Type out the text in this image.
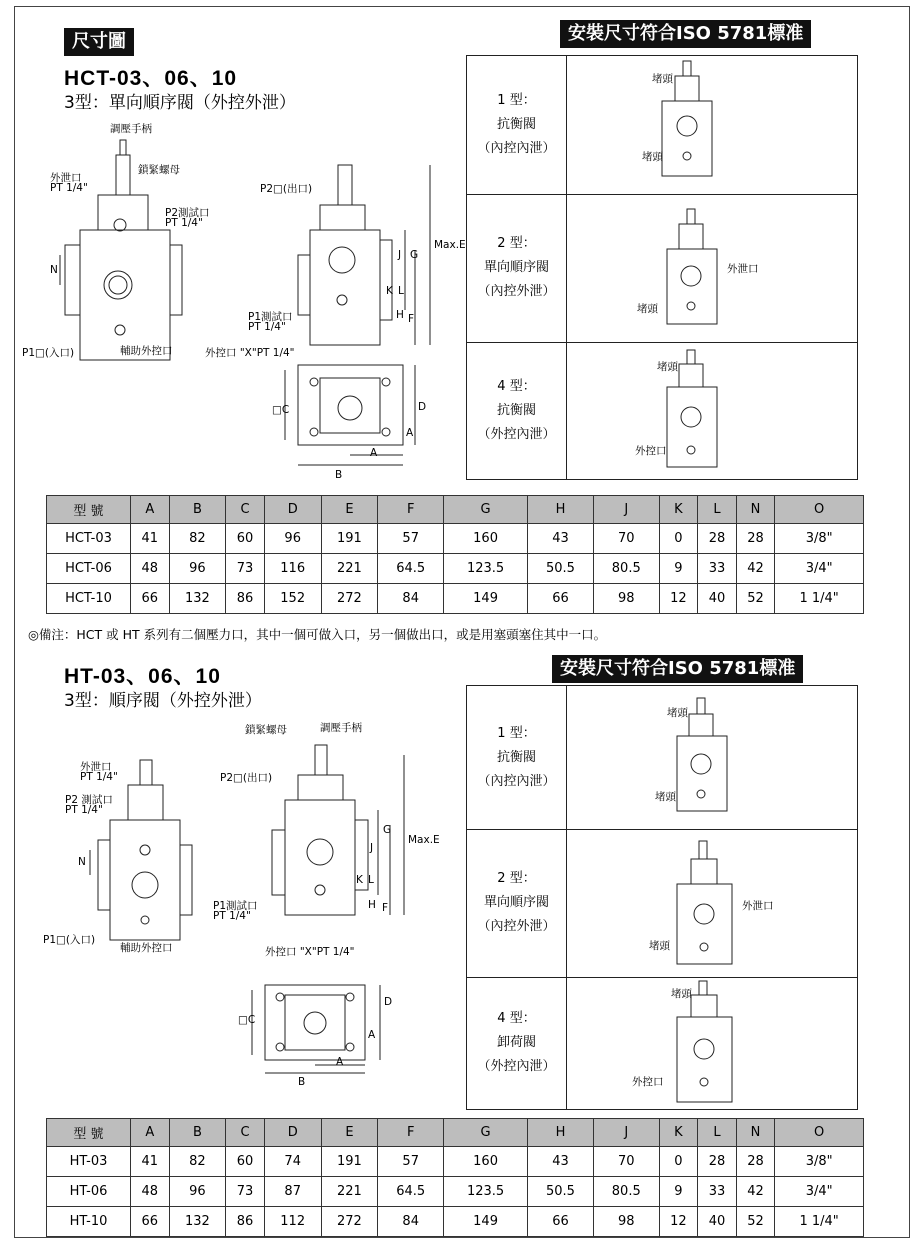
尺寸圖	安裝尺寸符合ISO 5781標准
HCT-03、06、10
3型：單向順序閥（外控外泄）
調壓手柄
鎖緊螺母
外泄口
PT 1/4"
P2測試口
PT 1/4"
N
P1□(入口)	輔助外控口
P2□(出口)
P1測試口
PT 1/4"
外控口 "X"PT 1/4"
G
J
K L
H F
Max.E
□C	D
A
A
B
1 型：
抗衡閥
（內控內泄）
堵頭
堵頭
2 型：
單向順序閥
（內控外泄）
外泄口
堵頭
4 型：
抗衡閥
（外控內泄）
堵頭
外控口
型 號	A	B	C	D	E	F	G	H	J	K	L	N	O
HCT-03	41	82	60	96	191	57	160	43	70	0	28	28	3/8"
HCT-06	48	96	73	116	221	64.5	123.5	50.5	80.5	9	33	42	3/4"
HCT-10	66	132	86	152	272	84	149	66	98	12	40	52	1 1/4"
◎備注：HCT 或 HT 系列有二個壓力口，其中一個可做入口，另一個做出口，或是用塞頭塞住其中一口。
安裝尺寸符合ISO 5781標准
HT-03、06、10
3型：順序閥（外控外泄）
鎖緊螺母	調壓手柄
外泄口
PT 1/4"
P2 測試口
PT 1/4"
N
P1□(入口)
輔助外控口
P2□(出口)
P1測試口
PT 1/4"
外控口 "X"PT 1/4"
G
J
K L
H F
Max.E
□C
D
A
A
B
1 型：
抗衡閥
（內控內泄）
堵頭
堵頭
2 型：
單向順序閥
（內控外泄）
外泄口
堵頭
4 型：
卸荷閥
（外控內泄）
堵頭
外控口
型 號	A	B	C	D	E	F	G	H	J	K	L	N	O
HT-03	41	82	60	74	191	57	160	43	70	0	28	28	3/8"
HT-06	48	96	73	87	221	64.5	123.5	50.5	80.5	9	33	42	3/4"
HT-10	66	132	86	112	272	84	149	66	98	12	40	52	1 1/4"
